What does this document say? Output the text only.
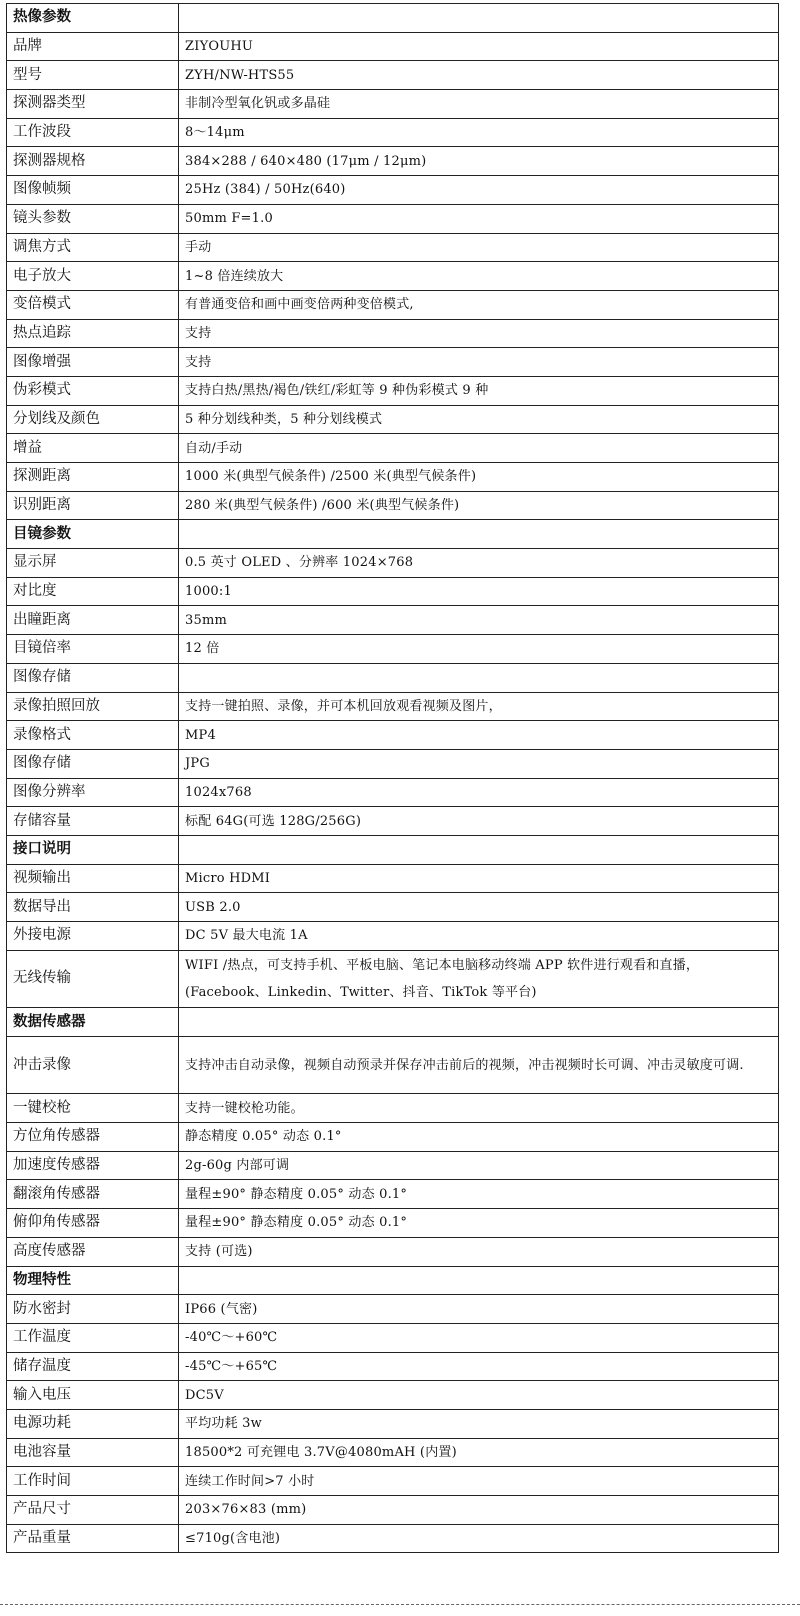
热像参数	
品牌	ZIYOUHU
型号	ZYH/NW-HTS55
探测器类型	非制冷型氧化钒或多晶硅
工作波段	8～14μm
探测器规格	384×288 / 640×480 (17μm / 12μm)
图像帧频	25Hz (384) / 50Hz(640)
镜头参数	50mm F=1.0
调焦方式	手动
电子放大	1~8 倍连续放大
变倍模式	有普通变倍和画中画变倍两种变倍模式,
热点追踪	支持
图像增强	支持
伪彩模式	支持白热/黑热/褐色/铁红/彩虹等 9 种伪彩模式 9 种
分划线及颜色	5 种分划线种类，5 种分划线模式
增益	自动/手动
探测距离	1000 米(典型气候条件) /2500 米(典型气候条件)
识别距离	280 米(典型气候条件) /600 米(典型气候条件)
目镜参数	
显示屏	0.5 英寸 OLED 、分辨率 1024×768
对比度	1000:1
出瞳距离	35mm
目镜倍率	12 倍
图像存储	
录像拍照回放	支持一键拍照、录像，并可本机回放观看视频及图片，
录像格式	MP4
图像存储	JPG
图像分辨率	1024x768
存储容量	标配 64G(可选 128G/256G)
接口说明	
视频输出	Micro HDMI
数据导出	USB 2.0
外接电源	DC 5V 最大电流 1A
无线传输	WIFI /热点，可支持手机、平板电脑、笔记本电脑移动终端 APP 软件进行观看和直播，(Facebook、Linkedin、Twitter、抖音、TikTok 等平台)
数据传感器	
冲击录像	支持冲击自动录像，视频自动预录并保存冲击前后的视频，冲击视频时长可调、冲击灵敏度可调.
一键校枪	支持一键校枪功能。
方位角传感器	静态精度 0.05° 动态 0.1°
加速度传感器	2g-60g 内部可调
翻滚角传感器	量程±90° 静态精度 0.05° 动态 0.1°
俯仰角传感器	量程±90° 静态精度 0.05° 动态 0.1°
高度传感器	支持 (可选)
物理特性	
防水密封	IP66 (气密)
工作温度	-40℃～+60℃
储存温度	-45℃～+65℃
输入电压	DC5V
电源功耗	平均功耗 3w
电池容量	18500*2 可充锂电 3.7V@4080mAH (内置)
工作时间	连续工作时间>7 小时
产品尺寸	203×76×83 (mm)
产品重量	≤710g(含电池)
